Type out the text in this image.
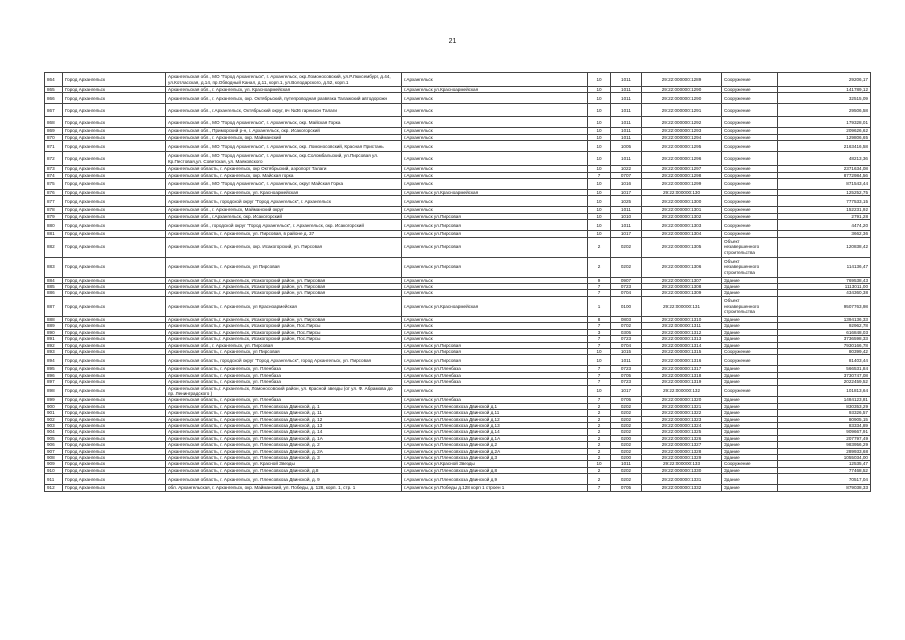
21
864	Город Архангельск	Архангельская обл., МО "Город Архангельск", г. Архангельск, окр.Ломоносовский, ул.Р.Люксембург, д.44, ул.Котласская, д.14, пр.Обводный Канал, д.11, корп.1, ул.Володарского, д.52, корп.1	г.Архангельск	10	1011	29:22:000000:1289	Сооружение	29206,17
865	Город Архангельск	Архангельская обл., г. Архангельск, ул. Красноармейская	г.Архангельск ул.Красноармейская	10	1011	29:22:000000:1290	Сооружение	141789,12
866	Город Архангельск	Архангельская обл., г. Архангельск, окр. Октябрьский, путепроводная развязка Талажский автодорожн	г.Архангельск	10	1011	29:22:000000:1290	Сооружение	32515,09
867	Город Архангельск	Архангельская обл., г.Архангельск, Октябрьский округ, вч №36 гарнизон Талаги	г.Архангельск	10	1011	29:22:000000:1291	Сооружение	29506,58
868	Город Архангельск	Архангельская обл., МО "Город Архангельск", г. Архангельск, окр. Майская Горка	г.Архангельск	10	1011	29:22:000000:1292	Сооружение	179328,01
869	Город Архангельск	Архангельская обл., Приморский р-н, г. Архангельск, окр. Исакогорский	г.Архангельск	10	1011	29:22:000000:1293	Сооружение	209626,62
870	Город Архангельск	Архангельская обл., г. Архангельск, окр. Майманский	г.Архангельск	10	1011	29:22:000000:1294	Сооружение	129806,65
871	Город Архангельск	Архангельская обл., МО "Город Архангельск", г. Архангельск, окр. Ломоносовский, Красная Пристань	г.Архангельск	10	1005	29:22:000000:1295	Сооружение	2163416,58
872	Город Архангельск	Архангельская обл., МО "Город Архангельск", г. Архангельск, окр.Соломбальский, ул.Пирсовая ул. Кр.Пестовая,ул. Советская, ул. Маяковского	г.Архангельск	10	1011	29:22:000000:1296	Сооружение	48213,36
873	Город Архангельск	Архангельская область, г. Архангельск, окр Октябрьский, аэропорт Талаги	г.Архангельск	10	1022	29:22:000000:1297	Сооружение	2371634,08
874	Город Архангельск	Архангельская область, г. Архангельск, окр. Майская горка	г.Архангельск	7	0707	29:22:000000:1298	Сооружение	8772984,56
875	Город Архангельск	Архангельская обл., МО "Город Архангельск", г. Архангельск, округ Майская Горка	г.Архангельск	10	1016	29:22:000000:1299	Сооружение	871543,44
876	Город Архангельск	Архангельская область, г. Архангельск, ул. Красноармейская	г.Архангельск ул.Красноармейская	10	1017	29:22:000000:130	Сооружение	125252,75
877	Город Архангельск	Архангельская область, городской округ "Город Архангельск", г. Архангельск	г.Архангельск	10	1025	29:22:000000:1300	Сооружение	777533,15
878	Город Архангельск	Архангельская обл., г. Архангельск, Майманский округ	г.Архангельск	10	1011	29:22:000000:1301	Сооружение	152231,92
879	Город Архангельск	Архангельская обл., г.Архангельск, окр. Исакогорский	г.Архангельск ул.Пирсовая	10	1010	29:22:000000:1302	Сооружение	2791,28
880	Город Архангельск	Архангельская обл., городской округ "Город Архангельск", г. Архангельск, окр. Исакогорский	г.Архангельск ул.Пирсовая	10	1011	29:22:000000:1303	Сооружение	4474,20
881	Город Архангельск	Архангельская область, г. Архангельск, ул. Пирсовая, в районе д. 37	г.Архангельск ул.Пирсовая	10	1017	29:22:000000:1304	Сооружение	3662,36
882	Город Архангельск	Архангельская область, г. Архангельск, окр. Исакогорский, ул. Пирсовая	г.Архангельск ул.Пирсовая	2	0202	29:22:000000:1305	Объект незавершенного строительства	120838,42
883	Город Архангельск	Архангельская область, г. Архангельск, ул Пирсовая	г.Архангельск ул.Пирсовая	2	0202	29:22:000000:1306	Объект незавершенного строительства	114136,47
884	Город Архангельск	Архангельская область,г. Архангельск, Исакогорский район, ул. Пирсовая	г.Архангельск	9	0907	29:22:000000:1307	Здание	769538,43
885	Город Архангельск	Архангельская область,г. Архангельск, Исакогорский район, ул. Пирсовая	г.Архангельск	7	0723	29:22:000000:1308	Здание	1113011,00
886	Город Архангельск	Архангельская область,г. Архангельск, Исакогорский район, ул. Пирсовая	г.Архангельск	7	0704	29:22:000000:1309	Здание	434360,38
887	Город Архангельск	Архангельская область, г. Архангельск, ул Красноармейская	г.Архангельск ул.Красноармейская	1	0100	29:22:000000:131	Объект незавершенного строительства	9507763,98
888	Город Архангельск	Архангельская область,г. Архангельск, Исакогорский район, ул. Пирсовая	г.Архангельск	8	0803	29:22:000000:1310	Здание	1394136,33
889	Город Архангельск	Архангельская область,г. Архангельск, Исакогорский район, Пос.Пирсы	г.Архангельск	7	0702	29:22:000000:1311	Здание	92962,78
890	Город Архангельск	Архангельская область,г. Архангельск, Исакогорский район, Пос.Пирсы	г.Архангельск	3	0305	29:22:000000:1312	Здание	616848,03
891	Город Архангельск	Архангельская область,г. Архангельск, Исакогорский район, Пос.Пирсы	г.Архангельск	7	0723	29:22:000000:1313	Здание	3736598,33
892	Город Архангельск	Архангельская обл., г. Архангельск, ул. Пирсовая	г.Архангельск ул.Пирсовая	7	0704	29:22:000000:1314	Здание	7930166,78
893	Город Архангельск	Архангельская область, г. Архангельск, ул Пирсовая	г.Архангельск ул.Пирсовая	10	1015	29:22:000000:1315	Сооружение	80399,42
894	Город Архангельск	Архангельская область, городской округ "Город Архангельск", город Архангельск, ул. Пирсовая	г.Архангельск ул.Пирсовая	10	1011	29:22:000000:1316	Сооружение	81403,44
895	Город Архангельск	Архангельская область, г. Архангельск, ул. Пленбаза	г.Архангельск ул.Пленбаза	7	0723	29:22:000000:1317	Здание	566531,84
896	Город Архангельск	Архангельская область, г. Архангельск, ул. Пленбаза	г.Архангельск ул.Пленбаза	7	0705	29:22:000000:1318	Здание	3730747,08
897	Город Архангельск	Архангельская область, г. Архангельск, ул. Пленбаза	г.Архангельск ул.Пленбаза	7	0723	29:22:000000:1319	Здание	2022459,52
898	Город Архангельск	Архангельская область,г. Архангельск, Ломоносовский район, ул. Красной звезды (от ул. Ф. Абрамова до пр. Ленинградского )	г.Архангельск	10	1017	29:22:000000:132	Сооружение	101813,64
899	Город Архангельск	Архангельская область, г. Архангельск, ул. Пленбаза	г.Архангельск ул.Пленбаза	7	0705	29:22:000000:1320	Здание	1484123,81
900	Город Архангельск	Архангельская область, г. Архангельск, ул. Пленсовхоза Двинской, д. 1	г.Архангельск ул.Пленсовхоза Двинской д.1	2	0202	29:22:000000:1321	Здание	830353,29
901	Город Архангельск	Архангельская область, г. Архангельск, ул. Пленсовхоза Двинской, д. 11	г.Архангельск ул.Пленсовхоза Двинской д.11	2	0202	29:22:000000:1322	Здание	93326,57
902	Город Архангельск	Архангельская область, г. Архангельск, ул. Пленсовхоза Двинской, д. 12	г.Архангельск ул.Пленсовхоза Двинской д.12	2	0202	29:22:000000:1323	Здание	80905,15
903	Город Архангельск	Архангельская область, г. Архангельск, ул. Пленсовхоза Двинской, д. 13	г.Архангельск ул.Пленсовхоза Двинской д.13	2	0202	29:22:000000:1324	Здание	83334,89
904	Город Архангельск	Архангельская область, г. Архангельск, ул. Пленсовхоза Двинской, д. 14	г.Архангельск ул.Пленсовхоза Двинской д.14	2	0202	29:22:000000:1325	Здание	909667,91
905	Город Архангельск	Архангельская область, г. Архангельск, ул. Пленсовхоза Двинской, д. 1А	г.Архангельск ул.Пленсовхоза Двинской д.1А	2	0200	29:22:000000:1326	Здание	207797,49
906	Город Архангельск	Архангельская область, г. Архангельск, ул. Пленсовхоза Двинской, д. 2	г.Архангельск ул.Пленсовхоза Двинской д.2	2	0202	29:22:000000:1327	Здание	983956,29
907	Город Архангельск	Архангельская область, г. Архангельск, ул. Пленсовхоза Двинской, д. 2А	г.Архангельск ул.Пленсовхоза Двинской д.2А	2	0202	29:22:000000:1328	Здание	289933,68
908	Город Архангельск	Архангельская область, г. Архангельск, ул. Пленсовхоза Двинской, д. 3	г.Архангельск ул.Пленсовхоза Двинской д.3	2	0200	29:22:000000:1329	Здание	1055034,00
909	Город Архангельск	Архангельская область, г. Архангельск, ул. Красной Звезды	г.Архангельск ул.Красной Звезды	10	1011	29:22:000000:133	Сооружение	12535,47
910	Город Архангельск	Архангельская область, г. Архангельск, ул. Пленсовхоза Двинской, д.8	г.Архангельск ул.Пленсовхоза Двинской д.8	2	0202	29:22:000000:1330	Здание	77468,52
911	Город Архангельск	Архангельская область, г. Архангельск, ул. Пленсовхоза Двинской, д. 9	г.Архангельск ул.Пленсовхоза Двинской д.9	2	0202	29:22:000000:1331	Здание	70517,04
912	Город Архангельск	обл. Архангельская, г. Архангельск, окр. Майманский, ул. Победы, д. 128, корп. 1, стр. 1	г.Архангельск ул.Победы д.128 корп 1 строен 1	7	0705	29:22:000000:1332	Здание	879038,33
